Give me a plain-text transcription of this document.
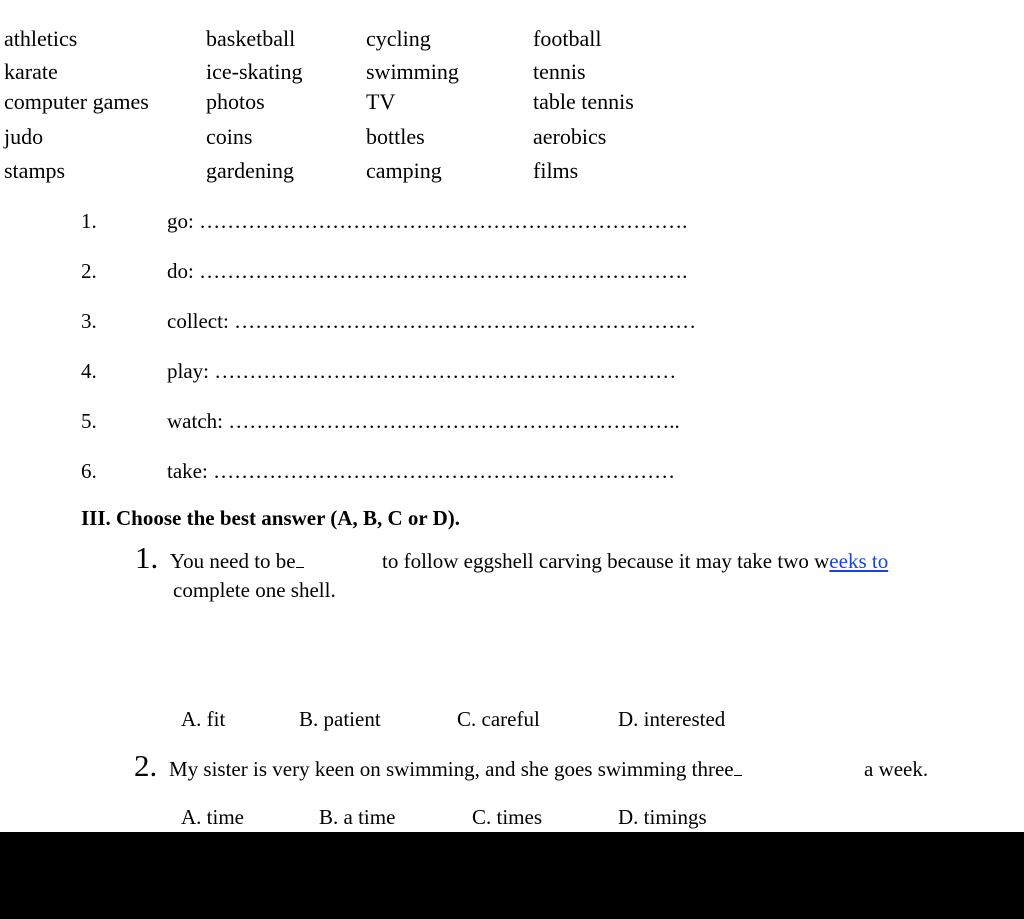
athletics	basketball	cycling	football
karate	ice-skating	swimming	tennis
computer games	photos	TV	table tennis
judo	coins	bottles	aerobics
stamps	gardening	camping	films
1.	go: …………………………………………………………….
2.	do: …………………………………………………………….
3.	collect: …………………………………………………………
4.	play: …………………………………………………………
5.	watch: ………………………………………………………..
6.	take: …………………………………………………………
III. Choose the best answer (A, B, C or D).
1. You need to be	to follow eggshell carving because it may take two weeks to
complete one shell.
A. fit	B. patient	C. careful	D. interested
2. My sister is very keen on swimming, and she goes swimming three	a week.
A. time	B. a time	C. times	D. timings
